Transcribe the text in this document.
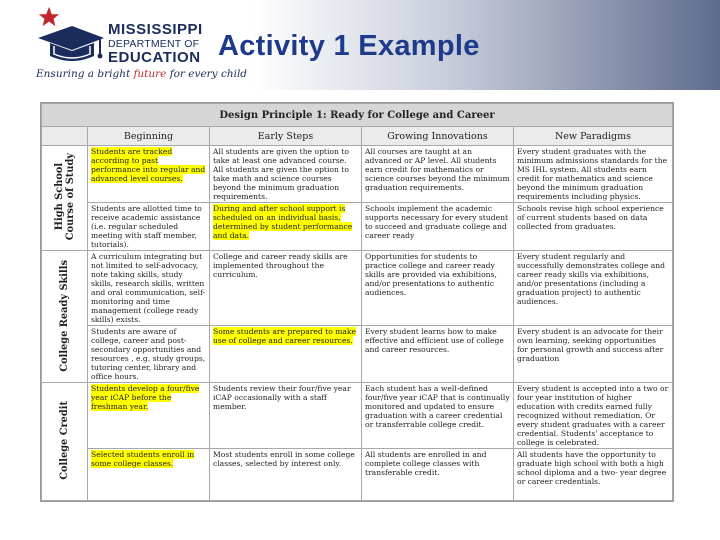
MISSISSIPPI
DEPARTMENT OF
EDUCATION
Ensuring a bright future for every child
Activity 1 Example
Design Principle 1: Ready for College and Career				
	Beginning	Early Steps	Growing Innovations	New Paradigms
High School
Course of Study	Students are tracked according to past performance into regular and advanced level courses.	All students are given the option to take at least one advanced course. All students are given the option to take math and science courses beyond the minimum graduation requirements.	All courses are taught at an advanced or AP level. All students earn credit for mathematics or science courses beyond the minimum graduation requirements.	Every student graduates with the minimum admissions standards for the MS IHL system. All students earn credit for mathematics and science beyond the minimum graduation requirements including physics.
	Students are allotted time to receive academic assistance (i.e. regular scheduled meeting with staff member, tutorials).	During and after school support is scheduled on an individual basis, determined by student performance and data.	Schools implement the academic supports necessary for every student to succeed and graduate college and career ready	Schools revise high school experience of current students based on data collected from graduates.
College Ready Skills	A curriculum integrating but not limited to self-advocacy, note taking skills, study skills, research skills, written and oral communication, self-monitoring and time management (college ready skills) exists.	College and career ready skills are implemented throughout the curriculum.	Opportunities for students to practice college and career ready skills are provided via exhibitions, and/or presentations to authentic audiences.	Every student regularly and successfully demonstrates college and career ready skills via exhibitions, and/or presentations (including a graduation project) to authentic audiences.
	Students are aware of college, career and post-secondary opportunities and resources , e.g. study groups, tutoring center, library and office hours.	Some students are prepared to make use of college and career resources.	Every student learns how to make effective and efficient use of college and career resources.	Every student is an advocate for their own learning, seeking opportunities for personal growth and success after graduation
College Credit	Students develop a four/five year iCAP before the freshman year.	Students review their four/five year iCAP occasionally with a staff member.	Each student has a well-defined four/five year iCAP that is continually monitored and updated to ensure graduation with a career credential or transferrable college credit.	Every student is accepted into a two or four year institution of higher education with credits earned fully recognized without remediation. Or every student graduates with a career credential. Students' acceptance to college is celebrated.
	Selected students enroll in some college classes.	Most students enroll in some college classes, selected by interest only.	All students are enrolled in and complete college classes with transferable credit.	All students have the opportunity to graduate high school with both a high school diploma and a two- year degree or career credentials.
